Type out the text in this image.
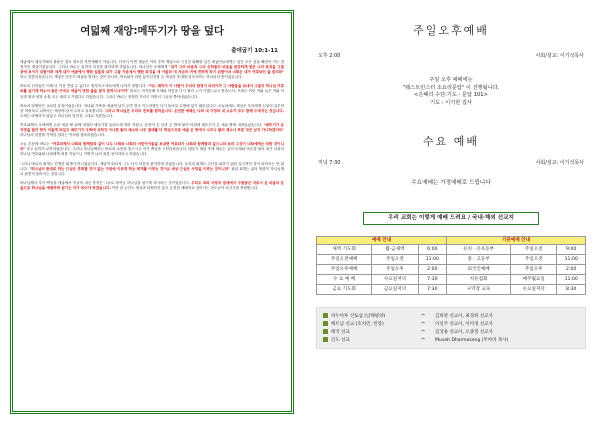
여덟째 재앙:메뚜기가 땅을 덮다
출애굽기 10:1-11

애굽에서 메뚜기떼의 출몰은 결코 생소한 자연재해가 아닙니다. 더욱이 이번 재앙은 이미 우박 재앙으로 극심한 피해를 입은 애굽인들에게는 남은 모든 것을 빼앗아 가는 결정적인 재앙이었습니다. 그러나 바로는 끝까지 마음을 완악하게 하였습니다. 하나님은 모세에게 "내가 그의 마음과 그의 신하들의 마음을 완강하게 함은 나의 표징을 그들 중에 보이기 위함이며 네게 내가 애굽에서 행한 일들과 내가 그들 가운데서 행한 표징을 네 아들과 네 자손의 귀에 전하게 하기 위함이라 너희는 내가 여호와인 줄 알리라" 하고 말씀하셨습니다. 재앙은 단순히 애굽을 벌하는 것이 아니라, 여호와가 어떤 분이신지를 온 세상과 후대에 알리시려는 하나님의 뜻이었습니다.

바로의 신하들은 이제 더 이상 견딜 수 없다고 생각하고 바로에게 나아가 말합니다. "어느 때까지 이 사람이 우리의 함정이 되리이까 그 사람들을 보내어 그들의 하나님 여호와를 섬기게 하소서 왕은 아직도 애굽이 망한 줄을 알지 못하시나이까" 바로는 마지못해 모세와 아론을 다시 불러 누가 가겠느냐고 묻습니다. 모세는 어린 자와 늙은 자와 아들과 딸과 양과 소를 모두 데리고 가겠다고 하였습니다. 그러나 바로는 장정만 가라고 하면서 그들을 쫓아내었습니다.

바로의 타협안은 교묘한 유혹이었습니다. 자녀와 가축을 애굽에 남겨 두면 결국 이스라엘은 다시 돌아올 수밖에 없기 때문입니다. 오늘날에도 세상은 우리에게 신앙의 일부만을 허락하고 나머지는 세상에 남겨 두라고 유혹합니다. 그러나 하나님은 우리의 전부를 원하십니다. 온전한 예배는 나와 내 가정과 내 소유가 모두 함께 드려지는 것입니다. 모세는 타협하지 않았고 하나님의 말씀을 그대로 지켰습니다.

여호와께서 모세에게 손을 애굽 땅 위에 내밀어 메뚜기를 올라오게 하라 하셨고, 동풍이 온 낮과 온 밤에 불어 아침에 메뚜기가 온 애굽 땅에 내려앉았습니다. "메뚜기가 온 지면을 덮어 땅이 어둡게 되었고 메뚜기가 우박에 상하지 아니한 밭의 채소와 나무 열매를 다 먹었으므로 애굽 온 땅에서 나무나 밭의 채소나 푸른 것은 남지 아니하였더라" 하나님의 말씀을 거역한 결과는 이처럼 참혹하였습니다.

오늘 본문에 바로는 "여호와께서 너희와 함께함과 같이 나도 너희와 너희의 어린아이들을 보내면 여호와가 너희와 함께함과 같으니라 보라 그것이 너희에게는 악한 것이니라" 하고 끝까지 교만하였습니다. 그러나 하나님께서는 바로의 교만을 꺾으시고 자기 백성을 구원하셨습니다. 메뚜기 재앙 후에 바로는 급히 모세와 아론을 불러 내가 너희의 하나님 여호와와 너희에게 죄를 지었으니 이번만 나의 죄를 용서하라고 하였습니다.

그러나 바로의 회개는 진정한 회개가 아니었습니다. 재앙이 떠나자 그는 다시 마음을 완악하게 하였습니다. 우리의 회개도 고난을 피하기 위한 일시적인 것이 되어서는 안 됩니다. "하나님의 뜻대로 하는 근심은 후회할 것이 없는 구원에 이르게 하는 회개를 이루는 것이요 세상 근심은 사망을 이루는 것이니라" 참된 회개는 삶의 방향이 하나님께로 완전히 돌아서는 것입니다.

하나님께서 자기 백성을 애굽에서 이끌어 내신 목적은 그들로 하여금 하나님을 섬기게 하시려는 것이었습니다. 우리도 죄와 사망의 권세에서 구원받은 자로서 온 마음과 온 삶으로 하나님을 예배하며 섬기는 자가 되어야 하겠습니다. 이번 한 주간도 세상과 타협하지 않고 온전한 예배자로 살아가는 성도들이 되시기를 축원합니다.

주일오후예배
오후 2:00	사회/설교: 이기석목사
주일 오후 예배에는
"웨스트민스터 소요리문답" 이 진행됩니다.
<은혜의 수단:기도 - 문답 101>
기도 : 이기한 집사
수요 예배
저녁 7:30	사회/설교: 이기석목사
수요예배는 가정예배로 드립니다
우리 교회는 이렇게 예배 드려요 / 국내·해외 선교지
예배 안내			기관예배 안내		
새벽 기도회	월-금새벽	6:00	유치 · 유초등부	주일오전	9:00
주일오전예배	주일오전	11:00	중 · 고등부	주일오전	11:00
주일오후예배	주일오후	2:00	외국인예배	주일오후	2:00
수 요 예 배	수요일저녁	7:30	치유집회	매주월요일	11:00
금요 기도회	금요일저녁	7:30	구역장 교육	수요일저녁	8:30
바누아투 산토섬 (남태평양)	⇒	김희관 선교사, 최경희 선교사
베트남 선교 (호치민, 빈랑)	⇒	이선주 선교사, 이미경 선교사
태국 선교	⇒	김상용 선교사, 오종철 선교사
인도 선교	⇒	Muvah Dharmaseng (무아바 목사)
